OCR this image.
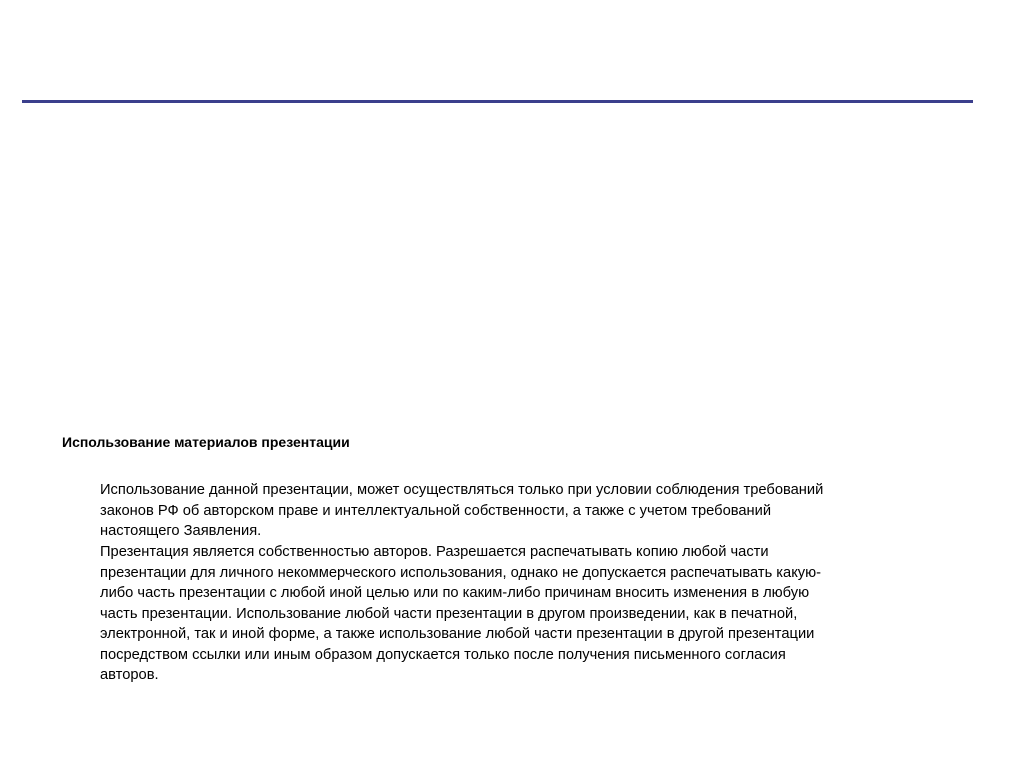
Использование материалов презентации
Использование данной презентации, может осуществляться только при условии соблюдения требований
законов РФ об авторском праве и интеллектуальной собственности, а также с учетом требований
настоящего Заявления.
Презентация является собственностью авторов. Разрешается распечатывать копию любой части
презентации для личного некоммерческого использования, однако не допускается распечатывать какую-
либо часть презентации с любой иной целью или по каким-либо причинам вносить изменения в любую
часть презентации. Использование любой части презентации в другом произведении, как в печатной,
электронной, так и иной форме, а также использование любой части презентации в другой презентации
посредством ссылки или иным образом допускается только после получения письменного согласия
авторов.
